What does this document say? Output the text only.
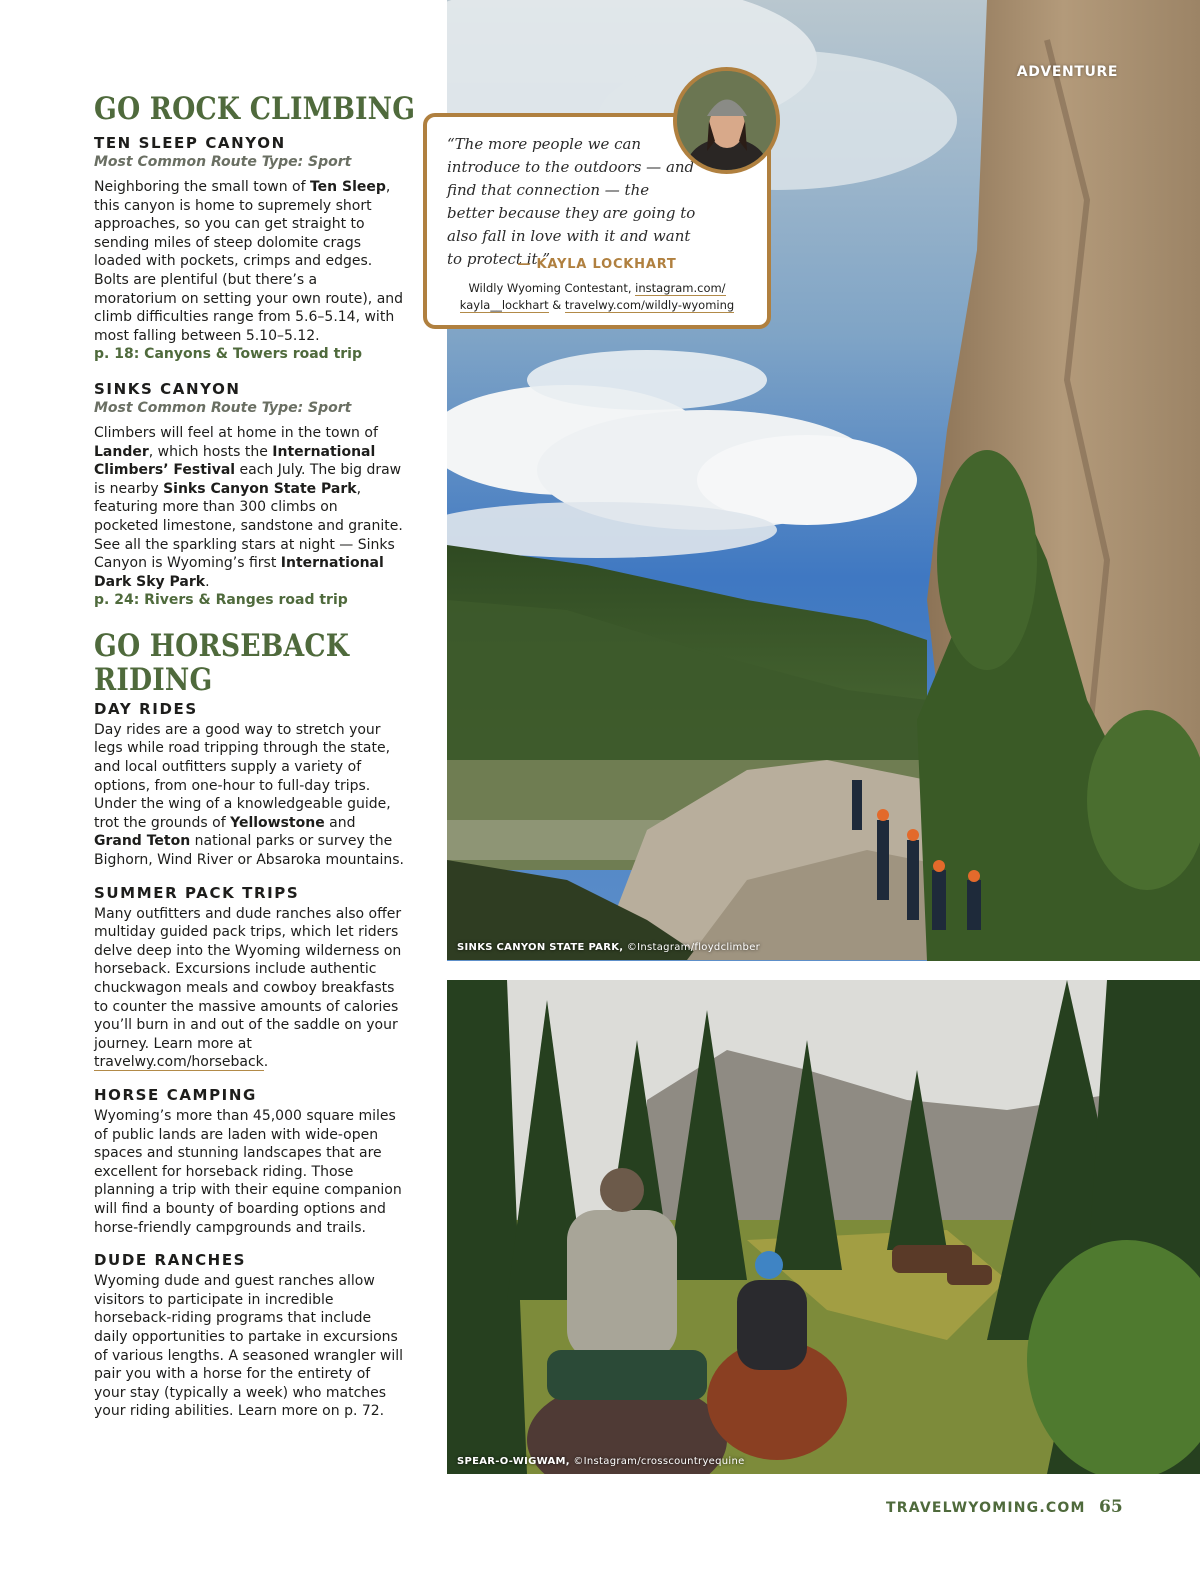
GO ROCK CLIMBING
TEN SLEEP CANYON
Most Common Route Type: Sport

Neighboring the small town of Ten Sleep, this canyon is home to supremely short approaches, so you can get straight to sending miles of steep dolomite crags loaded with pockets, crimps and edges. Bolts are plentiful (but there’s a moratorium on setting your own route), and climb difficulties range from 5.6–5.14, with most falling between 5.10–5.12.

p. 18: Canyons & Towers road trip
SINKS CANYON
Most Common Route Type: Sport

Climbers will feel at home in the town of Lander, which hosts the International Climbers’ Festival each July. The big draw is nearby Sinks Canyon State Park, featuring more than 300 climbs on pocketed limestone, sandstone and granite. See all the sparkling stars at night — Sinks Canyon is Wyoming’s first International Dark Sky Park.

p. 24: Rivers & Ranges road trip
GO HORSEBACK
RIDING
DAY RIDES

Day rides are a good way to stretch your legs while road tripping through the state, and local outfitters supply a variety of options, from one-hour to full-day trips. Under the wing of a knowledgeable guide, trot the grounds of Yellowstone and Grand Teton national parks or survey the Bighorn, Wind River or Absaroka mountains.

SUMMER PACK TRIPS

Many outfitters and dude ranches also offer multiday guided pack trips, which let riders delve deep into the Wyoming wilderness on horseback. Excursions include authentic chuckwagon meals and cowboy breakfasts to counter the massive amounts of calories you’ll burn in and out of the saddle on your journey. Learn more at travelwy.com/horseback.

HORSE CAMPING

Wyoming’s more than 45,000 square miles of public lands are laden with wide-open spaces and stunning landscapes that are excellent for horseback riding. Those planning a trip with their equine companion will find a bounty of boarding options and horse-friendly campgrounds and trails.

DUDE RANCHES

Wyoming dude and guest ranches allow visitors to participate in incredible horseback-riding programs that include daily opportunities to partake in excursions of various lengths. A seasoned wrangler will pair you with a horse for the entirety of your stay (typically a week) who matches your riding abilities. Learn more on p. 72.

SINKS CANYON STATE PARK, ©Instagram/floydclimber
ADVENTURE
“The more people we can introduce to the outdoors — and find that connection — the better because they are going to also fall in love with it and want to protect it.”
— KAYLA LOCKHART
Wildly Wyoming Contestant, instagram.com/
kayla__lockhart & travelwy.com/wildly-wyoming
SPEAR-O-WIGWAM, ©Instagram/crosscountryequine
TRAVELWYOMING.COM 65
